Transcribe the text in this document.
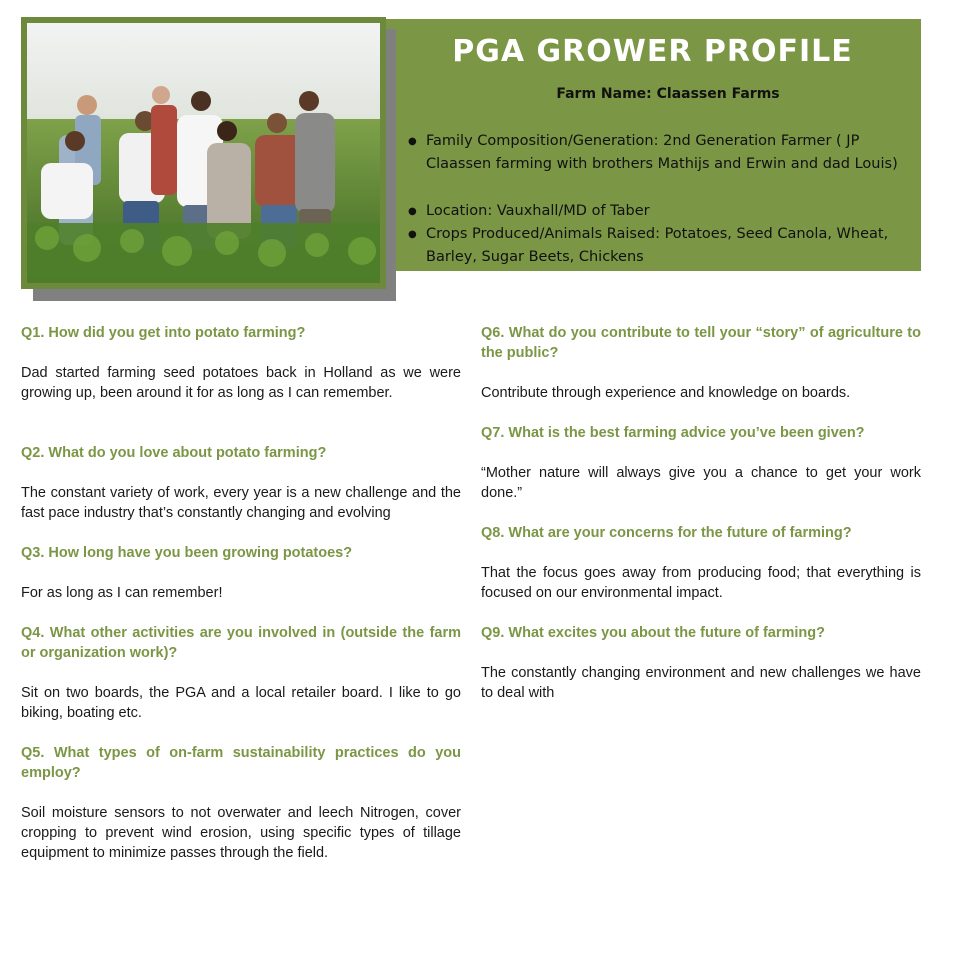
PGA GROWER PROFILE
Farm Name: Claassen Farms
● Family Composition/Generation: 2nd Generation Farmer ( JP Claassen farming with brothers Mathijs and Erwin and dad Louis)
● Location: Vauxhall/MD of Taber
● Crops Produced/Animals Raised: Potatoes, Seed Canola, Wheat, Barley, Sugar Beets, Chickens

Q1. How did you get into potato farming?

Dad started farming seed potatoes back in Holland as we were growing up, been around it for as long as I can remember.

Q2. What do you love about potato farming?

The constant variety of work, every year is a new challenge and the fast pace industry that’s constantly changing and evolving

Q3. How long have you been growing potatoes?

For as long as I can remember!

Q4. What other activities are you involved in (outside the farm or organization work)?

Sit on two boards, the PGA and a local retailer board. I like to go biking, boating etc.

Q5. What types of on-farm sustainability practices do you employ?

Soil moisture sensors to not overwater and leech Nitrogen, cover cropping to prevent wind erosion, using specific types of tillage equipment to minimize passes through the field.

Q6. What do you contribute to tell your “story” of agriculture to the public?

Contribute through experience and knowledge on boards.

Q7. What is the best farming advice you’ve been given?

“Mother nature will always give you a chance to get your work done.”

Q8. What are your concerns for the future of farming?

That the focus goes away from producing food; that everything is focused on our environmental impact.

Q9. What excites you about the future of farming?

The constantly changing environment and new challenges we have to deal with
